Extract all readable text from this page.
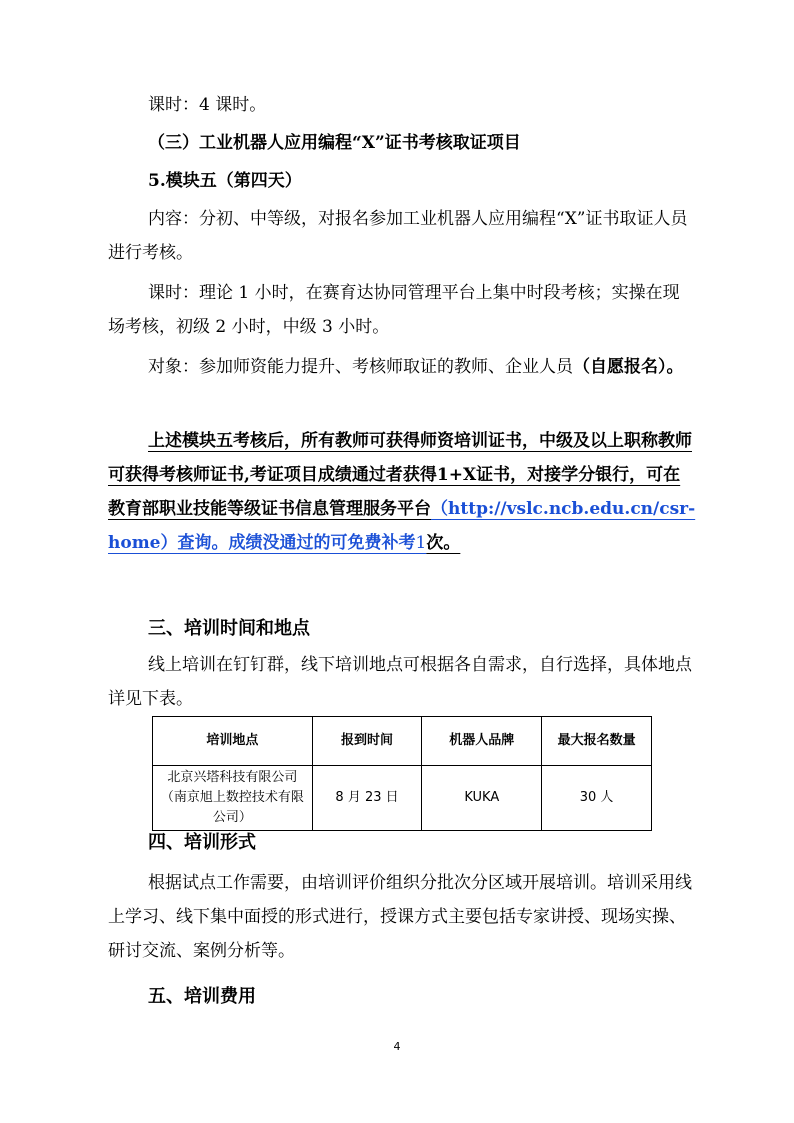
课时：4 课时。

（三）工业机器人应用编程“X”证书考核取证项目

5.模块五（第四天）

内容：分初、中等级，对报名参加工业机器人应用编程“X”证书取证人员进行考核。

课时：理论 1 小时，在赛育达协同管理平台上集中时段考核；实操在现场考核，初级 2 小时，中级 3 小时。

对象：参加师资能力提升、考核师取证的教师、企业人员（自愿报名）。

上述模块五考核后，所有教师可获得师资培训证书，中级及以上职称教师可获得考核师证书,考证项目成绩通过者获得1+X证书，对接学分银行，可在教育部职业技能等级证书信息管理服务平台（http://vslc.ncb.edu.cn/csr-home）查询。成绩没通过的可免费补考1次。

三、培训时间和地点

线上培训在钉钉群，线下培训地点可根据各自需求，自行选择，具体地点详见下表。

培训地点	报到时间	机器人品牌	最大报名数量
北京兴塔科技有限公司（南京旭上数控技术有限公司）	8 月 23 日	KUKA	30 人

四、培训形式

根据试点工作需要，由培训评价组织分批次分区域开展培训。培训采用线上学习、线下集中面授的形式进行，授课方式主要包括专家讲授、现场实操、研讨交流、案例分析等。

五、培训费用

4
